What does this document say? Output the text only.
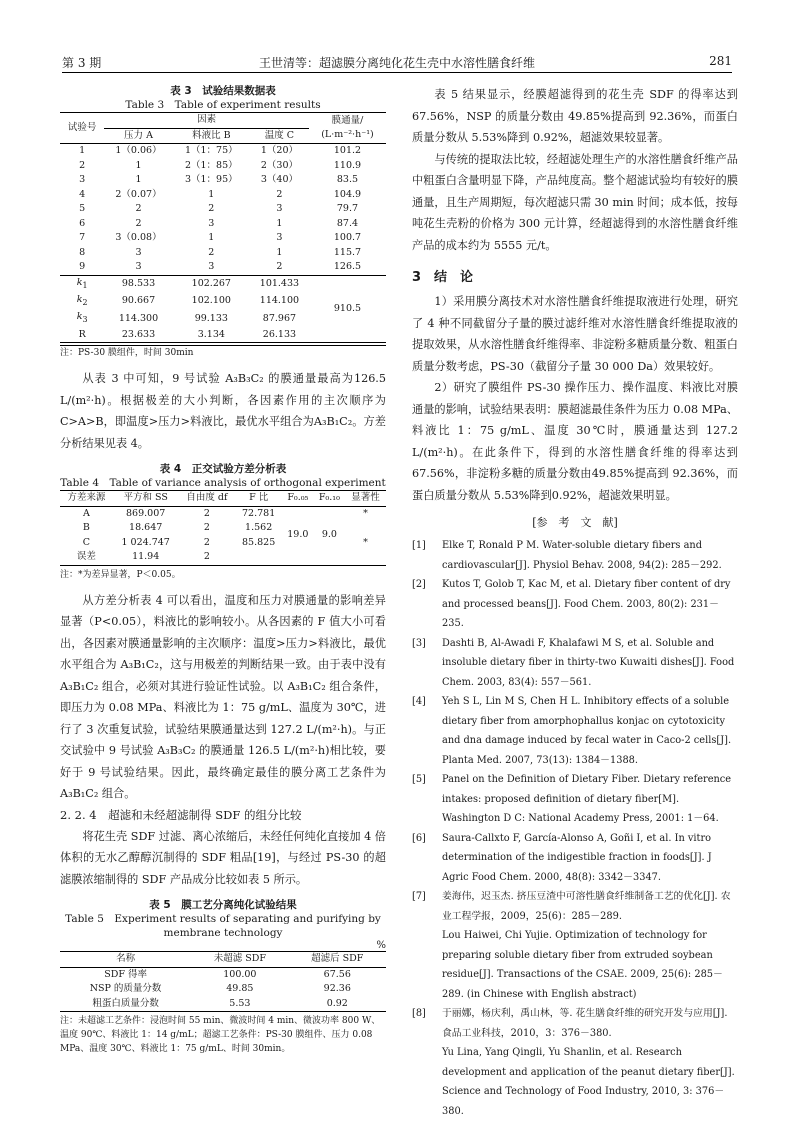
第 3 期	王世清等：超滤膜分离纯化花生壳中水溶性膳食纤维	281
表 3　试验结果数据表
Table 3　Table of experiment results
试验号	因素			膜通量/
(L·m⁻²·h⁻¹)
	压力 A	料液比 B	温度 C	
1	1（0.06）	1（1：75）	1（20）	101.2
2	1	2（1：85）	2（30）	110.9
3	1	3（1：95）	3（40）	83.5
4	2（0.07）	1	2	104.9
5	2	2	3	79.7
6	2	3	1	87.4
7	3（0.08）	1	3	100.7
8	3	2	1	115.7
9	3	3	2	126.5
$k_1$	98.533	102.267	101.433	910.5
$k_2$	90.667	102.100	114.100	
$k_3$	114.300	99.133	87.967	
R	23.633	3.134	26.133	
注：PS-30 膜组件，时间 30min

从表 3 中可知，9 号试验 A₃B₃C₂ 的膜通量最高为126.5 L/(m²·h)。根据极差的大小判断，各因素作用的主次顺序为 C>A>B，即温度>压力>料液比，最优水平组合为A₃B₁C₂。方差分析结果见表 4。

表 4　正交试验方差分析表
Table 4　Table of variance analysis of orthogonal experiment
方差来源	平方和 SS	自由度 df	F 比	F₀.₀₅	F₀.₁₀	显著性
A	869.007	2	72.781	19.0	9.0	*
B	18.647	2	1.562			
C	1 024.747	2	85.825			*
误差	11.94	2				
注：*为差异显著，P＜0.05。

从方差分析表 4 可以看出，温度和压力对膜通量的影响差异显著（P<0.05），料液比的影响较小。从各因素的 F 值大小可看出，各因素对膜通量影响的主次顺序：温度>压力>料液比，最优水平组合为 A₃B₁C₂，这与用极差的判断结果一致。由于表中没有 A₃B₁C₂ 组合，必须对其进行验证性试验。以 A₃B₁C₂ 组合条件，即压力为 0.08 MPa、料液比为 1：75 g/mL、温度为 30℃，进行了 3 次重复试验，试验结果膜通量达到 127.2 L/(m²·h)。与正交试验中 9 号试验 A₃B₃C₂ 的膜通量 126.5 L/(m²·h)相比较，要好于 9 号试验结果。因此，最终确定最佳的膜分离工艺条件为 A₃B₁C₂ 组合。

2. 2. 4　超滤和未经超滤制得 SDF 的组分比较

将花生壳 SDF 过滤、离心浓缩后，未经任何纯化直接加 4 倍体积的无水乙醇醇沉制得的 SDF 粗品[19]，与经过 PS-30 的超滤膜浓缩制得的 SDF 产品成分比较如表 5 所示。

表 5　膜工艺分离纯化试验结果
Table 5　Experiment results of separating and purifying by
membrane technology
%
名称	未超滤 SDF	超滤后 SDF
SDF 得率	100.00	67.56
NSP 的质量分数	49.85	92.36
粗蛋白质量分数	5.53	0.92
注：未超滤工艺条件：浸泡时间 55 min、微波时间 4 min、微波功率 800 W、温度 90℃、料液比 1：14 g/mL；超滤工艺条件：PS-30 膜组件、压力 0.08 MPa、温度 30℃、料液比 1：75 g/mL、时间 30min。

表 5 结果显示，经膜超滤得到的花生壳 SDF 的得率达到 67.56%，NSP 的质量分数由 49.85%提高到 92.36%，而蛋白质量分数从 5.53%降到 0.92%，超滤效果较显著。

与传统的提取法比较，经超滤处理生产的水溶性膳食纤维产品中粗蛋白含量明显下降，产品纯度高。整个超滤试验均有较好的膜通量，且生产周期短，每次超滤只需 30 min 时间；成本低，按每吨花生壳粉的价格为 300 元计算，经超滤得到的水溶性膳食纤维产品的成本约为 5555 元/t。

3　结　论

1）采用膜分离技术对水溶性膳食纤维提取液进行处理，研究了 4 种不同截留分子量的膜过滤纤维对水溶性膳食纤维提取液的提取效果，从水溶性膳食纤维得率、非淀粉多糖质量分数、粗蛋白质量分数考虑，PS-30（截留分子量 30 000 Da）效果较好。

2）研究了膜组件 PS-30 操作压力、操作温度、料液比对膜通量的影响，试验结果表明：膜超滤最佳条件为压力 0.08 MPa、料液比 1：75 g/mL、温度 30℃时，膜通量达到 127.2 L/(m²·h)。在此条件下，得到的水溶性膳食纤维的得率达到 67.56%，非淀粉多糖的质量分数由49.85%提高到 92.36%，而蛋白质量分数从 5.53%降到0.92%，超滤效果明显。

[参　考　文　献]
[1]	Elke T, Ronald P M. Water-soluble dietary fibers and cardiovascular[J]. Physiol Behav. 2008, 94(2): 285－292.
[2]	Kutos T, Golob T, Kac M, et al. Dietary fiber content of dry and processed beans[J]. Food Chem. 2003, 80(2): 231－235.
[3]	Dashti B, Al-Awadi F, Khalafawi M S, et al. Soluble and insoluble dietary fiber in thirty-two Kuwaiti dishes[J]. Food Chem. 2003, 83(4): 557－561.
[4]	Yeh S L, Lin M S, Chen H L. Inhibitory effects of a soluble dietary fiber from amorphophallus konjac on cytotoxicity and dna damage induced by fecal water in Caco-2 cells[J]. Planta Med. 2007, 73(13): 1384－1388.
[5]	Panel on the Definition of Dietary Fiber. Dietary reference intakes: proposed definition of dietary fiber[M]. Washington D C: National Academy Press, 2001: 1－64.
[6]	Saura-Callxto F, García-Alonso A, Goñi I, et al. In vitro determination of the indigestible fraction in foods[J]. J Agric Food Chem. 2000, 48(8): 3342－3347.
[7]	姜海伟，迟玉杰. 挤压豆渣中可溶性膳食纤维制备工艺的优化[J]. 农业工程学报，2009，25(6)：285－289.
Lou Haiwei, Chi Yujie. Optimization of technology for preparing soluble dietary fiber from extruded soybean residue[J]. Transactions of the CSAE. 2009, 25(6): 285－289. (in Chinese with English abstract)
[8]	于丽娜，杨庆利，禹山林，等. 花生膳食纤维的研究开发与应用[J]. 食品工业科技，2010，3：376－380.
Yu Lina, Yang Qingli, Yu Shanlin, et al. Research development and application of the peanut dietary fiber[J]. Science and Technology of Food Industry, 2010, 3: 376－380.
